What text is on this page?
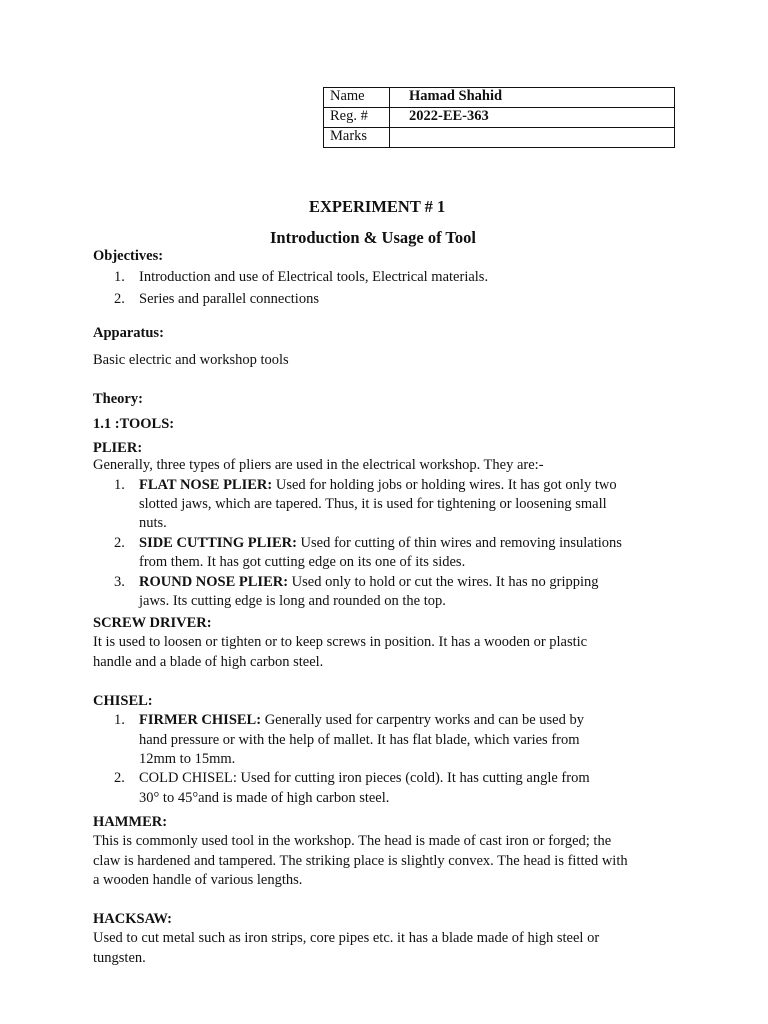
Name	Hamad Shahid
Reg. #	2022-EE-363
Marks	
EXPERIMENT # 1
Introduction & Usage of Tool
Objectives:
1. Introduction and use of Electrical tools, Electrical materials.
2. Series and parallel connections
Apparatus:
Basic electric and workshop tools
Theory:
1.1 :TOOLS:
PLIER:
Generally, three types of pliers are used in the electrical workshop. They are:-
1. FLAT NOSE PLIER: Used for holding jobs or holding wires. It has got only two
slotted jaws, which are tapered. Thus, it is used for tightening or loosening small
nuts.
2. SIDE CUTTING PLIER: Used for cutting of thin wires and removing insulations
from them. It has got cutting edge on its one of its sides.
3. ROUND NOSE PLIER: Used only to hold or cut the wires. It has no gripping
jaws. Its cutting edge is long and rounded on the top.
SCREW DRIVER:
It is used to loosen or tighten or to keep screws in position. It has a wooden or plastic
handle and a blade of high carbon steel.
CHISEL:
1. FIRMER CHISEL: Generally used for carpentry works and can be used by
hand pressure or with the help of mallet. It has flat blade, which varies from
12mm to 15mm.
2. COLD CHISEL: Used for cutting iron pieces (cold). It has cutting angle from
30° to 45°and is made of high carbon steel.
HAMMER:
This is commonly used tool in the workshop. The head is made of cast iron or forged; the
claw is hardened and tampered. The striking place is slightly convex. The head is fitted with
a wooden handle of various lengths.
HACKSAW:
Used to cut metal such as iron strips, core pipes etc. it has a blade made of high steel or
tungsten.
